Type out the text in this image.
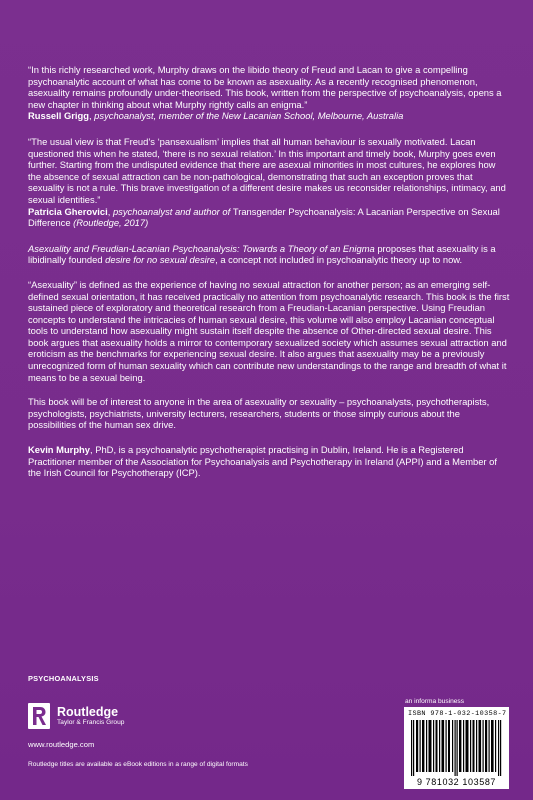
“In this richly researched work, Murphy draws on the libido theory of Freud and Lacan to give a compelling psychoanalytic account of what has come to be known as asexuality. As a recently recognised phenomenon, asexuality remains profoundly under-theorised. This book, written from the perspective of psychoanalysis, opens a new chapter in thinking about what Murphy rightly calls an enigma.”

Russell Grigg, psychoanalyst, member of the New Lacanian School, Melbourne, Australia

“The usual view is that Freud’s ‘pansexualism’ implies that all human behaviour is sexually motivated. Lacan questioned this when he stated, ‘there is no sexual relation.’ In this important and timely book, Murphy goes even further. Starting from the undisputed evidence that there are asexual minorities in most cultures, he explores how the absence of sexual attraction can be non-pathological, demonstrating that such an exception proves that sexuality is not a rule. This brave investigation of a different desire makes us reconsider relationships, intimacy, and sexual identities.”

Patricia Gherovici, psychoanalyst and author of Transgender Psychoanalysis: A Lacanian Perspective on Sexual Difference (Routledge, 2017)

Asexuality and Freudian-Lacanian Psychoanalysis: Towards a Theory of an Enigma proposes that asexuality is a libidinally founded desire for no sexual desire, a concept not included in psychoanalytic theory up to now.

“Asexuality” is defined as the experience of having no sexual attraction for another person; as an emerging self-defined sexual orientation, it has received practically no attention from psychoanalytic research. This book is the first sustained piece of exploratory and theoretical research from a Freudian-Lacanian perspective. Using Freudian concepts to understand the intricacies of human sexual desire, this volume will also employ Lacanian conceptual tools to understand how asexuality might sustain itself despite the absence of Other-directed sexual desire. This book argues that asexuality holds a mirror to contemporary sexualized society which assumes sexual attraction and eroticism as the benchmarks for experiencing sexual desire. It also argues that asexuality may be a previously unrecognized form of human sexuality which can contribute new understandings to the range and breadth of what it means to be a sexual being.

This book will be of interest to anyone in the area of asexuality or sexuality – psychoanalysts, psychotherapists, psychologists, psychiatrists, university lecturers, researchers, students or those simply curious about the possibilities of the human sex drive.

Kevin Murphy, PhD, is a psychoanalytic psychotherapist practising in Dublin, Ireland. He is a Registered Practitioner member of the Association for Psychoanalysis and Psychotherapy in Ireland (APPI) and a Member of the Irish Council for Psychotherapy (ICP).

PSYCHOANALYSIS
Routledge
Taylor & Francis Group
www.routledge.com
Routledge titles are available as eBook editions in a range of digital formats
an informa business
ISBN 978-1-032-10358-7
9 781032 103587
